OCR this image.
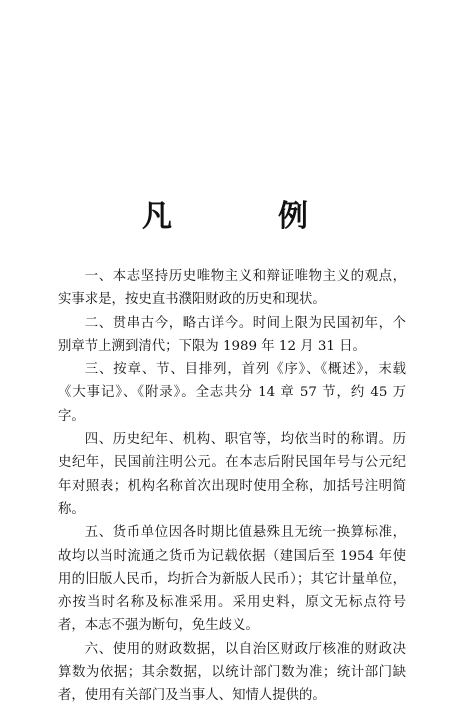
凡　例

一、本志坚持历史唯物主义和辩证唯物主义的观点，实事求是，按史直书濮阳财政的历史和现状。

二、贯串古今，略古详今。时间上限为民国初年，个别章节上溯到清代；下限为 1989 年 12 月 31 日。

三、按章、节、目排列，首列《序》、《概述》，末载《大事记》、《附录》。全志共分 14 章 57 节，约 45 万字。

四、历史纪年、机构、职官等，均依当时的称谓。历史纪年，民国前注明公元。在本志后附民国年号与公元纪年对照表；机构名称首次出现时使用全称，加括号注明简称。

五、货币单位因各时期比值悬殊且无统一换算标准，故均以当时流通之货币为记载依据（建国后至 1954 年使用的旧版人民币，均折合为新版人民币）；其它计量单位，亦按当时名称及标准采用。采用史料，原文无标点符号者，本志不强为断句，免生歧义。

六、使用的财政数据，以自治区财政厅核准的财政决算数为依据；其余数据，以统计部门数为准；统计部门缺者，使用有关部门及当事人、知情人提供的。
